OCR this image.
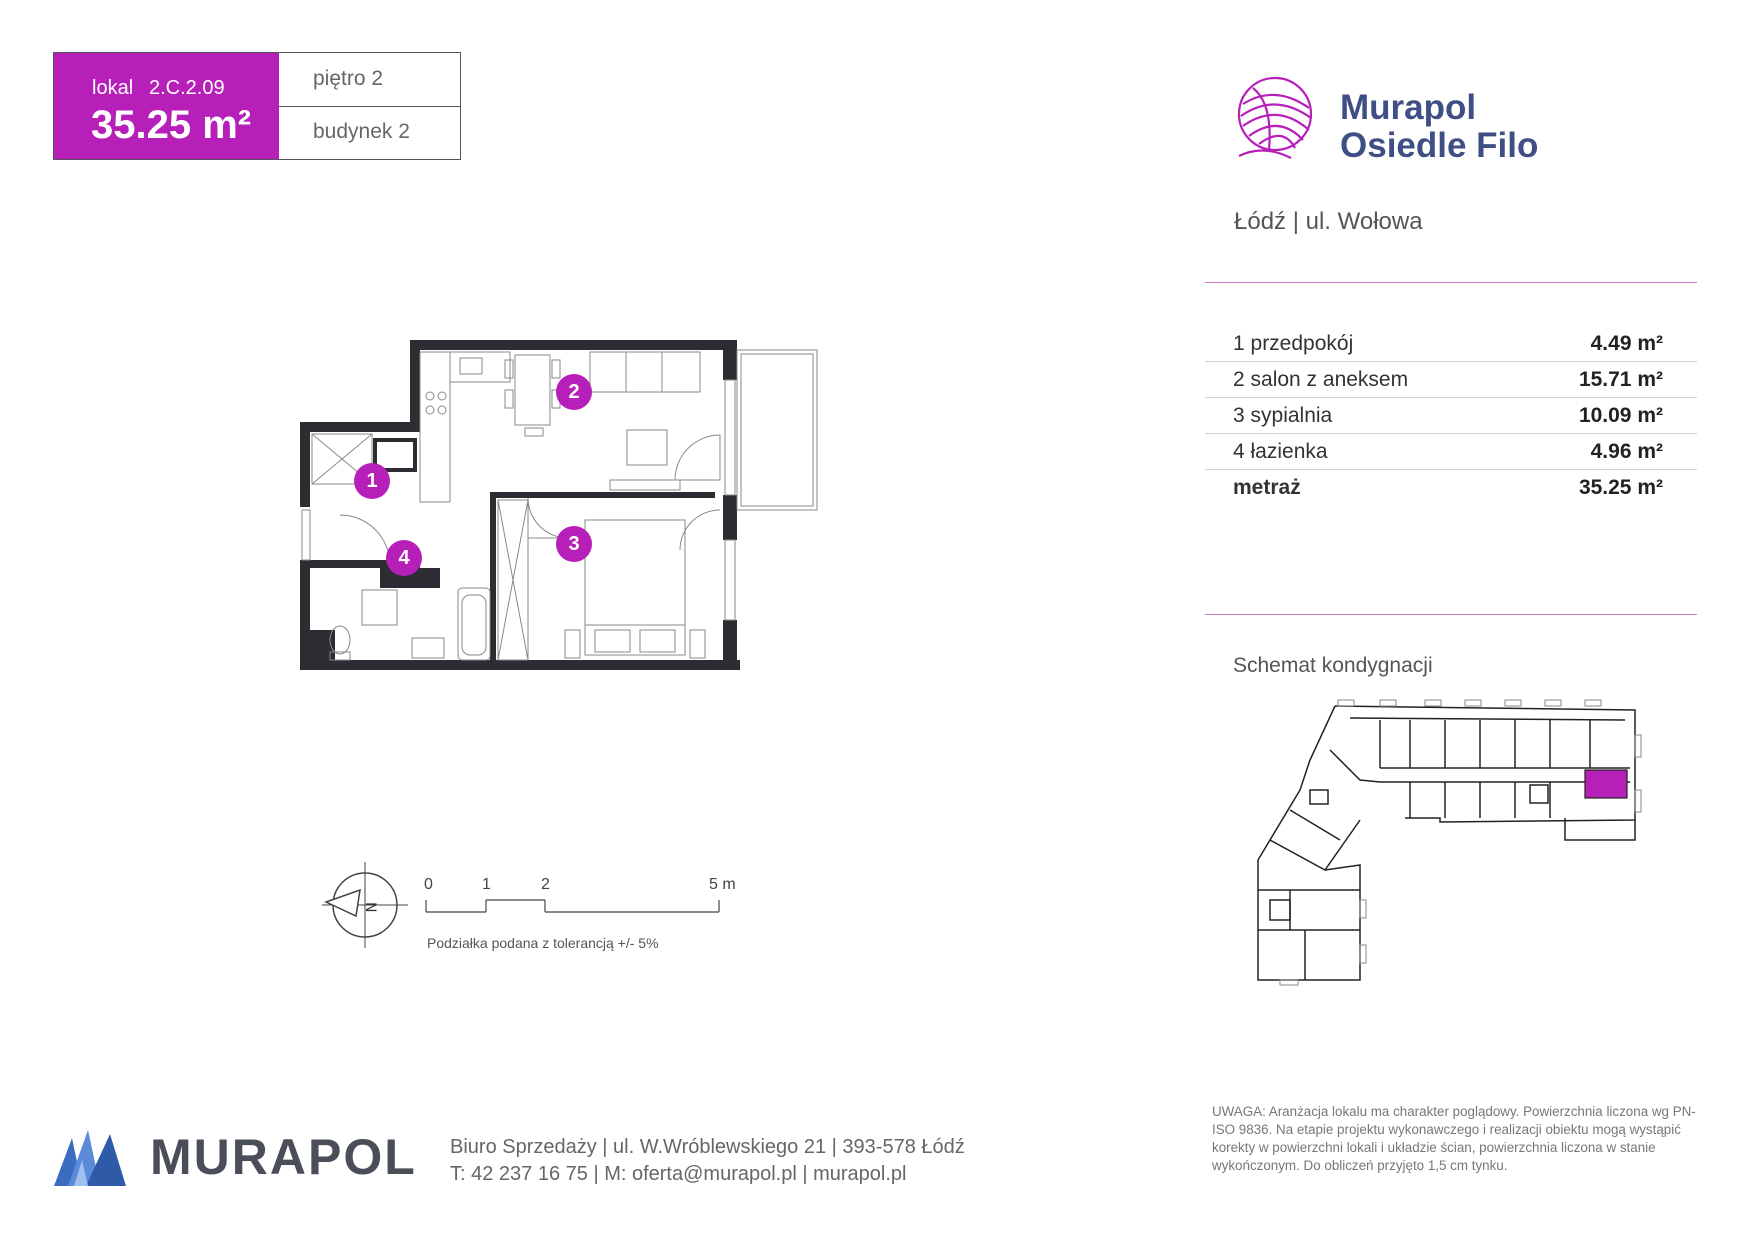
lokal 2.C.2.09
35.25 m²
piętro 2
budynek 2
Murapol
Osiedle Filo
Łódź | ul. Wołowa
1 przedpokój	4.49 m²
2 salon z aneksem	15.71 m²
3 sypialnia	10.09 m²
4 łazienka	4.96 m²
metraż	35.25 m²
Schemat kondygnacji
1
2
3
4
N
0	1	2	5 m
Podziałka podana z tolerancją +/- 5%
MURAPOL Biuro Sprzedaży | ul. W.Wróblewskiego 21 | 393-578 Łódź
T: 42 237 16 75 | M: oferta@murapol.pl | murapol.pl
UWAGA: Aranżacja lokalu ma charakter poglądowy. Powierzchnia liczona wg PN-ISO 9836. Na etapie projektu wykonawczego i realizacji obiektu mogą wystąpić korekty w powierzchni lokali i układzie ścian, powierzchnia liczona w stanie wykończonym. Do obliczeń przyjęto 1,5 cm tynku.
